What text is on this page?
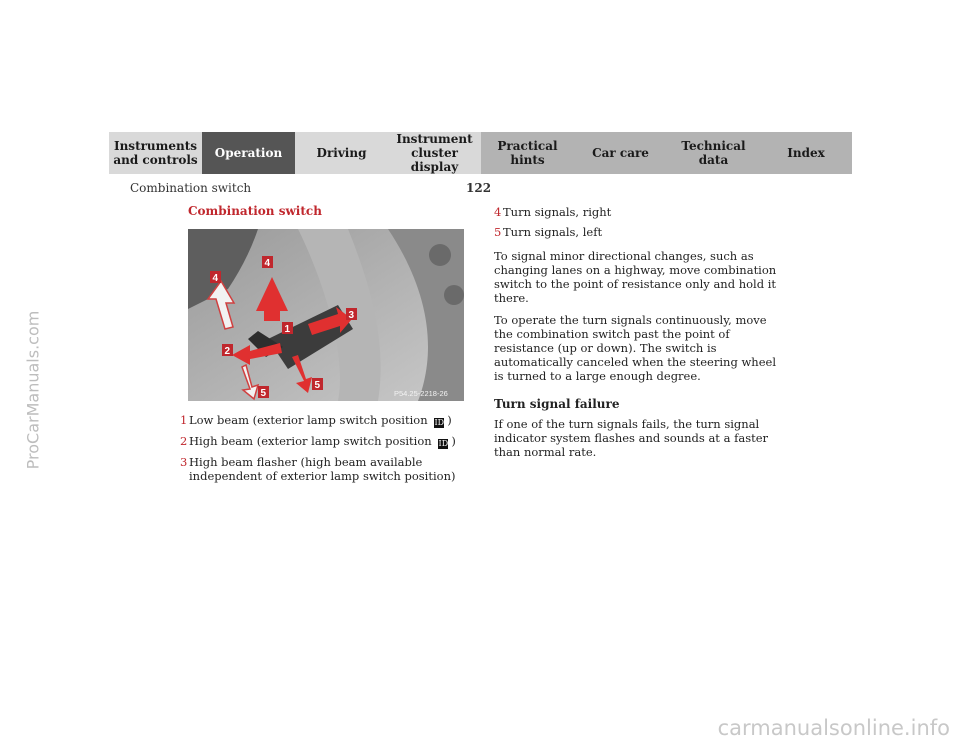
ProCarManuals.com
carmanualsonline.info
Instruments
and controls Operation	Driving
Instrument
cluster display
Practical hints	Car care	Technical
data	Index
Combination switch	122
Combination switch
1
2
3
4
4
5
5	P54.25-2218-26
1 Low beam (exterior lamp switch position ID )
2 High beam (exterior lamp switch position ID )
3 High beam flasher (high beam available independent of exterior lamp switch position)
4 Turn signals, right
5 Turn signals, left

To signal minor directional changes, such as changing lanes on a highway, move combination switch to the point of resistance only and hold it there.

To operate the turn signals continuously, move the combination switch past the point of resistance (up or down). The switch is automatically canceled when the steering wheel is turned to a large enough degree.

Turn signal failure

If one of the turn signals fails, the turn signal indicator system flashes and sounds at a faster than normal rate.
